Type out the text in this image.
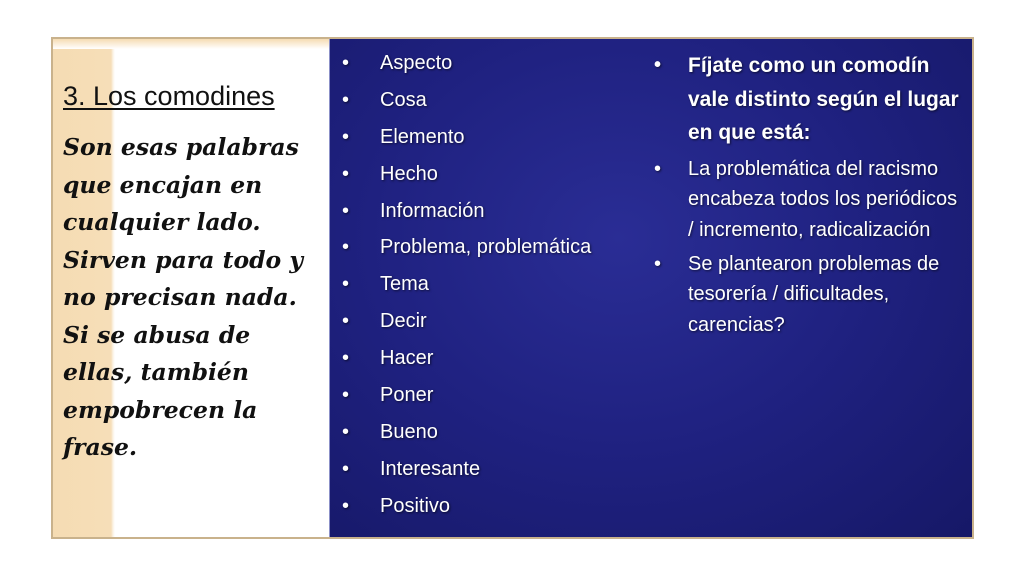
3. Los comodines
Son esas palabras que encajan en cualquier lado. Sirven para todo y no precisan nada. Si se abusa de ellas, también empobrecen la frase.
• Aspecto
• Cosa
• Elemento
• Hecho
• Información
• Problema, problemática
• Tema
• Decir
• Hacer
• Poner
• Bueno
• Interesante
• Positivo
• Fíjate como un comodín vale distinto según el lugar en que está:
• La problemática del racismo encabeza todos los periódicos / incremento, radicalización
• Se plantearon problemas de tesorería / dificultades, carencias?
